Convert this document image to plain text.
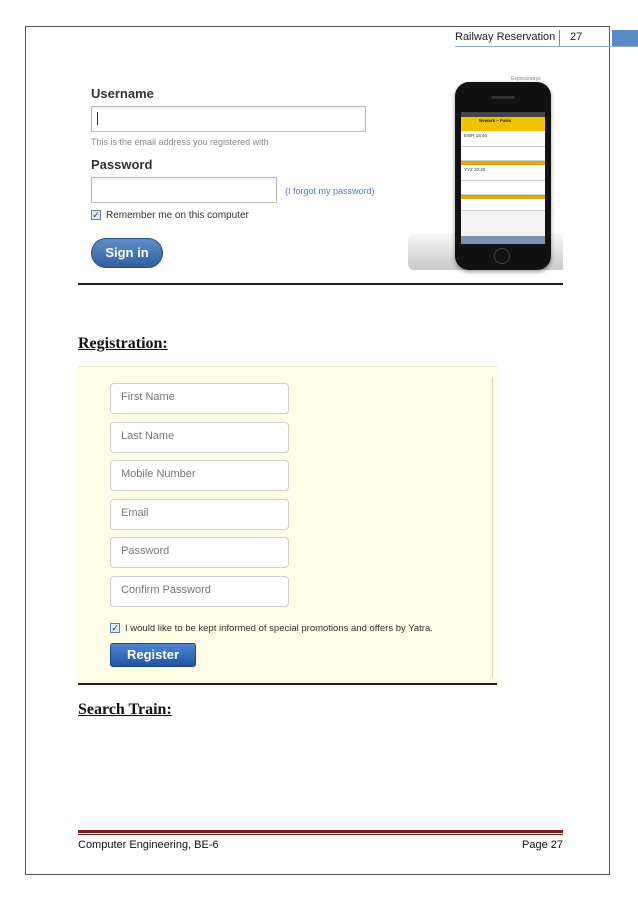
Railway Reservation 27
Username
This is the email address you registered with
Password
(I forgot my password)
✓ Remember me on this computer
Sign in
Expressways
Newark – Paris
EWR 18:40
YYZ 20:40
Registration:
First Name
Last Name
Mobile Number
Email
Password
Confirm Password
✓ I would like to be kept informed of special promotions and offers by Yatra.
Register
Search Train:
Computer Engineering, BE-6	Page 27
